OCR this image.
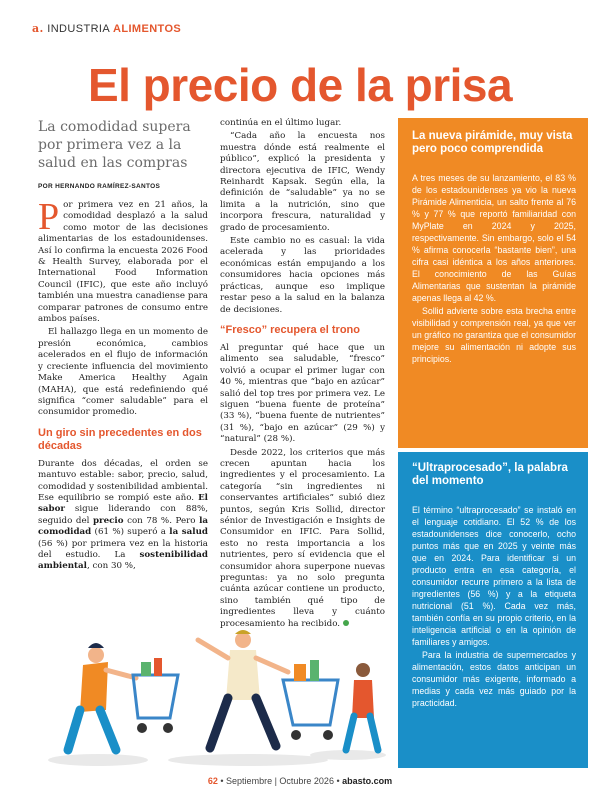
a. INDUSTRIA ALIMENTOS
El precio de la prisa
La comodidad supera por primera vez a la salud en las compras
POR HERNANDO RAMÍREZ-SANTOS

Por primera vez en 21 años, la comodidad desplazó a la salud como motor de las decisiones alimentarias de los estadounidenses. Así lo confirma la encuesta 2026 Food & Health Survey, elaborada por el International Food Information Council (IFIC), que este año incluyó también una muestra canadiense para comparar patrones de consumo entre ambos países.

El hallazgo llega en un momento de presión económica, cambios acelerados en el flujo de información y creciente influencia del movimiento Make America Healthy Again (MAHA), que está redefiniendo qué significa “comer saludable” para el consumidor promedio.

Un giro sin precedentes en dos décadas

Durante dos décadas, el orden se mantuvo estable: sabor, precio, salud, comodidad y sostenibilidad ambiental. Ese equilibrio se rompió este año. El sabor sigue liderando con 88%, seguido del precio con 78 %. Pero la comodidad (61 %) superó a la salud (56 %) por primera vez en la historia del estudio. La sostenibilidad ambiental, con 30 %,

continúa en el último lugar.

“Cada año la encuesta nos muestra dónde está realmente el público”, explicó la presidenta y directora ejecutiva de IFIC, Wendy Reinhardt Kapsak. Según ella, la definición de “saludable” ya no se limita a la nutrición, sino que incorpora frescura, naturalidad y grado de procesamiento.

Este cambio no es casual: la vida acelerada y las prioridades económicas están empujando a los consumidores hacia opciones más prácticas, aunque eso implique restar peso a la salud en la balanza de decisiones.

“Fresco” recupera el trono

Al preguntar qué hace que un alimento sea saludable, “fresco” volvió a ocupar el primer lugar con 40 %, mientras que “bajo en azúcar” salió del top tres por primera vez. Le siguen “buena fuente de proteína” (33 %), “buena fuente de nutrientes” (31 %), “bajo en azúcar” (29 %) y “natural” (28 %).

Desde 2022, los criterios que más crecen apuntan hacia los ingredientes y el procesamiento. La categoría “sin ingredientes ni conservantes artificiales” subió diez puntos, según Kris Sollid, director sénior de Investigación e Insights de Consumidor en IFIC. Para Sollid, esto no resta importancia a los nutrientes, pero sí evidencia que el consumidor ahora superpone nuevas preguntas: ya no solo pregunta cuánta azúcar contiene un producto, sino también qué tipo de ingredientes lleva y cuánto procesamiento ha recibido.

La nueva pirámide, muy vista pero poco comprendida

A tres meses de su lanzamiento, el 83 % de los estadounidenses ya vio la nueva Pirámide Alimenticia, un salto frente al 76 % y 77 % que reportó familiaridad con MyPlate en 2024 y 2025, respectivamente. Sin embargo, solo el 54 % afirma conocerla “bastante bien”, una cifra casi idéntica a los años anteriores. El conocimiento de las Guías Alimentarias que sustentan la pirámide apenas llega al 42 %.

Sollid advierte sobre esta brecha entre visibilidad y comprensión real, ya que ver un gráfico no garantiza que el consumidor mejore su alimentación ni adopte sus principios.

“Ultraprocesado”, la palabra del momento

El término “ultraprocesado” se instaló en el lenguaje cotidiano. El 52 % de los estadounidenses dice conocerlo, ocho puntos más que en 2025 y veinte más que en 2024. Para identificar si un producto entra en esa categoría, el consumidor recurre primero a la lista de ingredientes (56 %) y a la etiqueta nutricional (51 %). Cada vez más, también confía en su propio criterio, en la inteligencia artificial o en la opinión de familiares y amigos.

Para la industria de supermercados y alimentación, estos datos anticipan un consumidor más exigente, informado a medias y cada vez más guiado por la practicidad.

62 • Septiembre | Octubre 2026 • abasto.com
